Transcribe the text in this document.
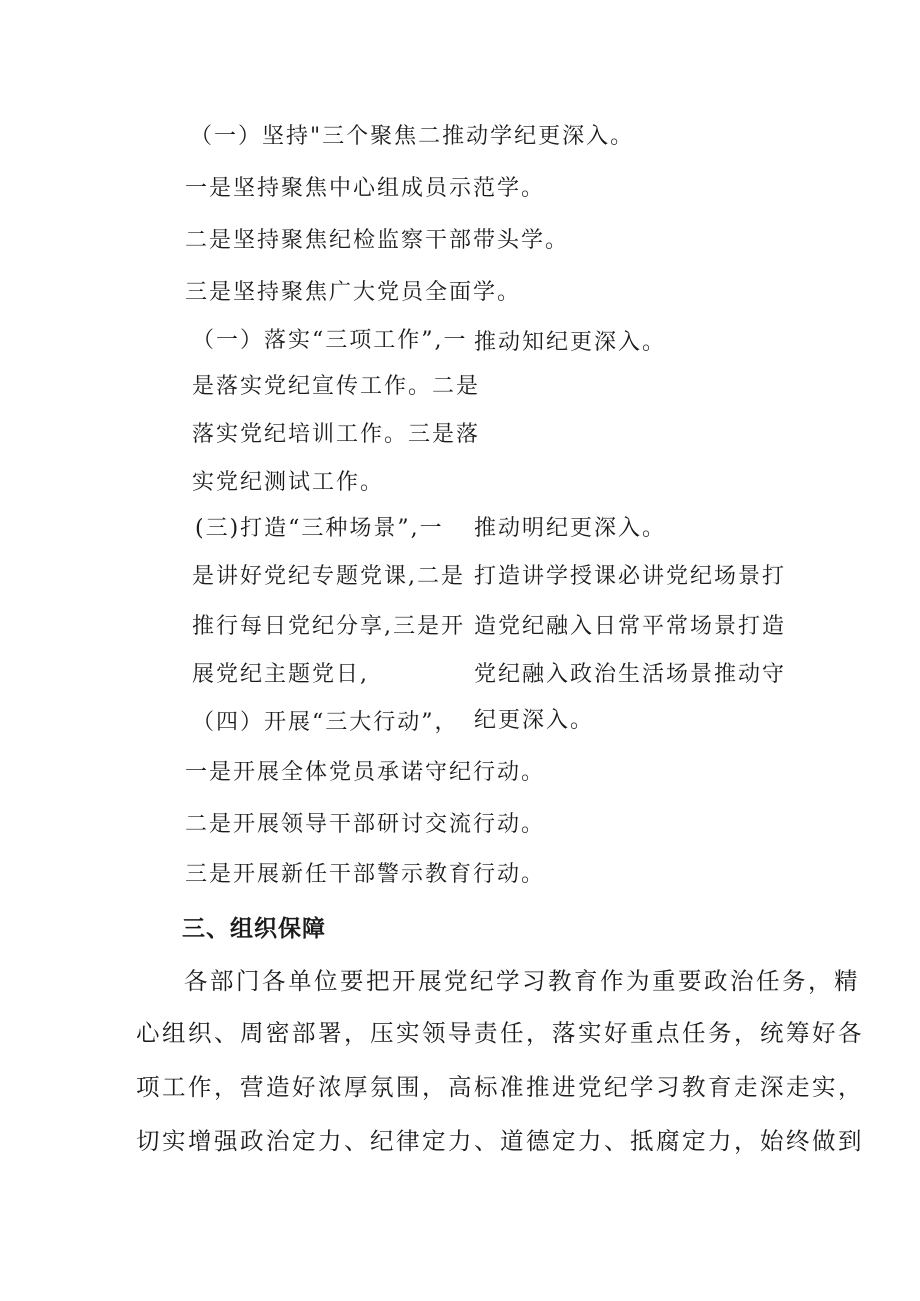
（一）坚持"三个聚焦二推动学纪更深入。
一是坚持聚焦中心组成员示范学。
二是坚持聚焦纪检监察干部带头学。
三是坚持聚焦广大党员全面学。
（一）落实“三项工作”,一
是落实党纪宣传工作。二是
落实党纪培训工作。三是落
实党纪测试工作。
推动知纪更深入。
(三)打造“三种场景”,一
是讲好党纪专题党课,二是
推行每日党纪分享,三是开
展党纪主题党日,
推动明纪更深入。
打造讲学授课必讲党纪场景打
造党纪融入日常平常场景打造
党纪融入政治生活场景推动守
纪更深入。
（四）开展“三大行动”，
一是开展全体党员承诺守纪行动。
二是开展领导干部研讨交流行动。
三是开展新任干部警示教育行动。
三、组织保障
各部门各单位要把开展党纪学习教育作为重要政治任务，精
心组织、周密部署，压实领导责任，落实好重点任务，统筹好各
项工作，营造好浓厚氛围，高标准推进党纪学习教育走深走实，
切实增强政治定力、纪律定力、道德定力、抵腐定力，始终做到
